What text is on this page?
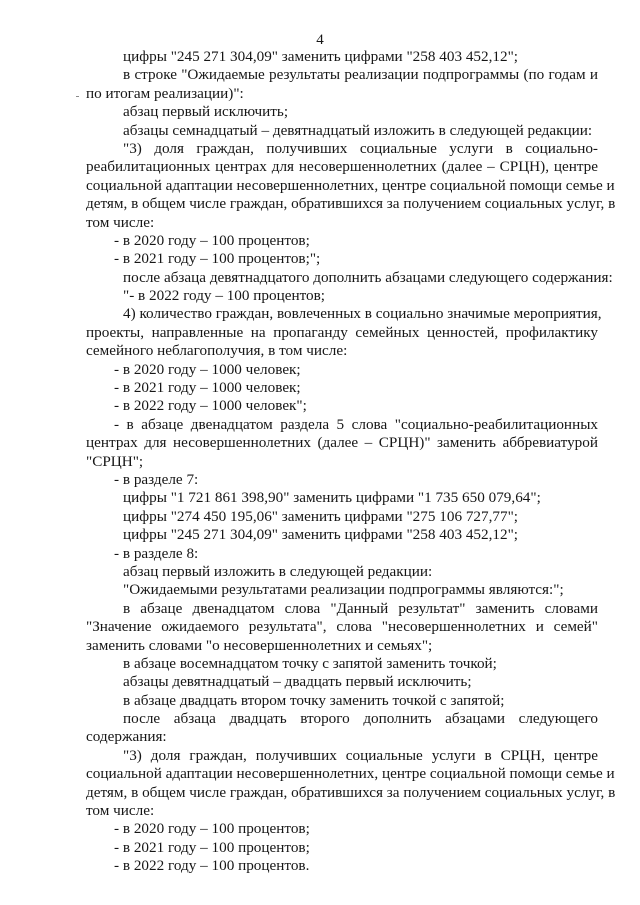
4
цифры "245 271 304,09" заменить цифрами "258 403 452,12";
в строке "Ожидаемые результаты реализации подпрограммы (по годам и
по итогам реализации)":
абзац первый исключить;
абзацы семнадцатый – девятнадцатый изложить в следующей редакции:
"3) доля граждан, получивших социальные услуги в социально-
реабилитационных центрах для несовершеннолетних (далее – СРЦН), центре
социальной адаптации несовершеннолетних, центре социальной помощи семье и
детям, в общем числе граждан, обратившихся за получением социальных услуг, в
том числе:
- в 2020 году – 100 процентов;
- в 2021 году – 100 процентов;";
после абзаца девятнадцатого дополнить абзацами следующего содержания:
"- в 2022 году – 100 процентов;
4) количество граждан, вовлеченных в социально значимые мероприятия,
проекты, направленные на пропаганду семейных ценностей, профилактику
семейного неблагополучия, в том числе:
- в 2020 году – 1000 человек;
- в 2021 году – 1000 человек;
- в 2022 году – 1000 человек";
- в абзаце двенадцатом раздела 5 слова "социально-реабилитационных
центрах для несовершеннолетних (далее – СРЦН)" заменить аббревиатурой
"СРЦН";
- в разделе 7:
цифры "1 721 861 398,90" заменить цифрами "1 735 650 079,64";
цифры "274 450 195,06" заменить цифрами "275 106 727,77";
цифры "245 271 304,09" заменить цифрами "258 403 452,12";
- в разделе 8:
абзац первый изложить в следующей редакции:
"Ожидаемыми результатами реализации подпрограммы являются:";
в абзаце двенадцатом слова "Данный результат" заменить словами
"Значение ожидаемого результата", слова "несовершеннолетних и семей"
заменить словами "о несовершеннолетних и семьях";
в абзаце восемнадцатом точку с запятой заменить точкой;
абзацы девятнадцатый – двадцать первый исключить;
в абзаце двадцать втором точку заменить точкой с запятой;
после абзаца двадцать второго дополнить абзацами следующего
содержания:
"3) доля граждан, получивших социальные услуги в СРЦН, центре
социальной адаптации несовершеннолетних, центре социальной помощи семье и
детям, в общем числе граждан, обратившихся за получением социальных услуг, в
том числе:
- в 2020 году – 100 процентов;
- в 2021 году – 100 процентов;
- в 2022 году – 100 процентов.
